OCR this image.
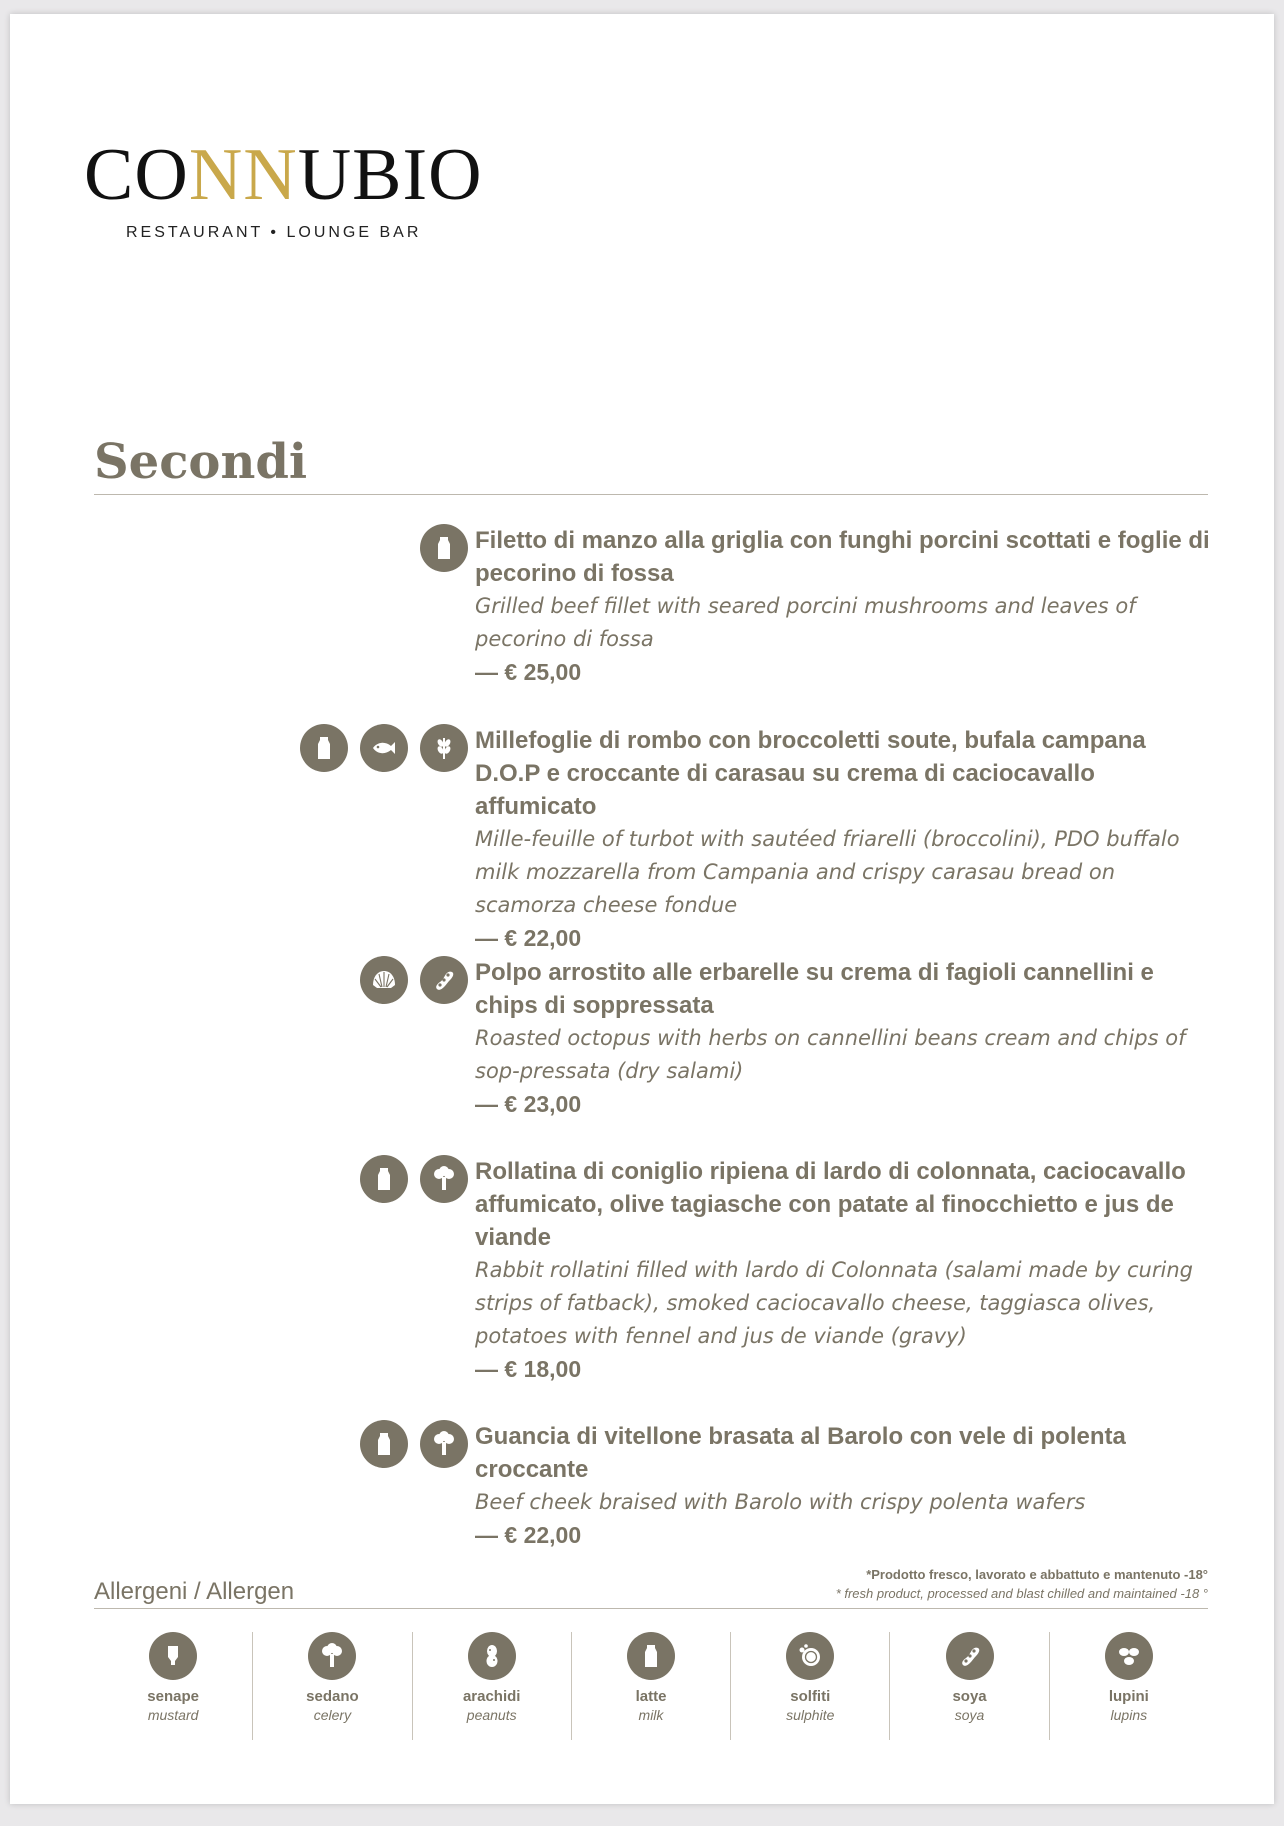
CONNUBIO
RESTAURANT • LOUNGE BAR
Secondi
Filetto di manzo alla griglia con funghi porcini scottati e foglie di pecorino di fossa
Grilled beef fillet with seared porcini mushrooms and leaves of pecorino di fossa
— € 25,00
Millefoglie di rombo con broccoletti soute, bufala campana D.O.P e croccante di carasau su crema di caciocavallo affumicato
Mille-feuille of turbot with sautéed friarelli (broccolini), PDO buffalo milk mozzarella from Campania and crispy carasau bread on scamorza cheese fondue
— € 22,00
Polpo arrostito alle erbarelle su crema di fagioli cannellini e chips di soppressata
Roasted octopus with herbs on cannellini beans cream and chips of sop-pressata (dry salami)
— € 23,00
Rollatina di coniglio ripiena di lardo di colonnata, caciocavallo affumicato, olive tagiasche con patate al finocchietto e jus de viande
Rabbit rollatini filled with lardo di Colonnata (salami made by curing strips of fatback), smoked caciocavallo cheese, taggiasca olives, potatoes with fennel and jus de viande (gravy)
— € 18,00
Guancia di vitellone brasata al Barolo con vele di polenta croccante
Beef cheek braised with Barolo with crispy polenta wafers
— € 22,00
Allergeni / Allergen
*Prodotto fresco, lavorato e abbattuto e mantenuto -18°
* fresh product, processed and blast chilled and maintained -18 °
senape
mustard
sedano
celery
arachidi
peanuts
latte
milk
solfiti
sulphite
soya
soya
lupini
lupins
